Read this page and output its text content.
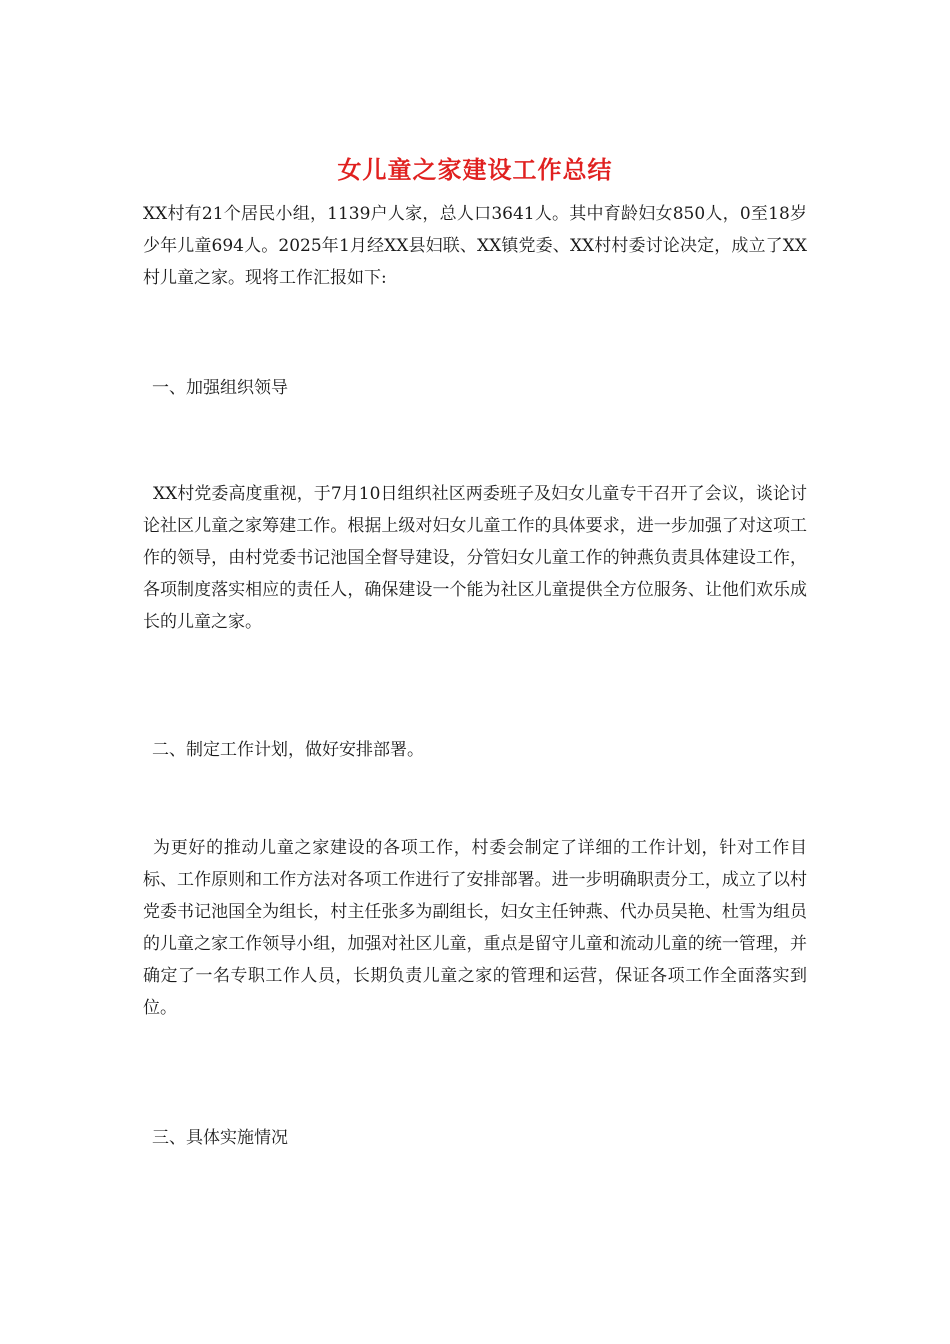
女儿童之家建设工作总结

XX村有21个居民小组，1139户人家，总人口3641人。其中育龄妇女850人，0至18岁少年儿童694人。2025年1月经XX县妇联、XX镇党委、XX村村委讨论决定，成立了XX村儿童之家。现将工作汇报如下:

一、加强组织领导

XX村党委高度重视，于7月10日组织社区两委班子及妇女儿童专干召开了会议，谈论讨论社区儿童之家筹建工作。根据上级对妇女儿童工作的具体要求，进一步加强了对这项工作的领导，由村党委书记池国全督导建设，分管妇女儿童工作的钟燕负责具体建设工作，各项制度落实相应的责任人，确保建设一个能为社区儿童提供全方位服务、让他们欢乐成长的儿童之家。

二、制定工作计划，做好安排部署。

为更好的推动儿童之家建设的各项工作，村委会制定了详细的工作计划，针对工作目标、工作原则和工作方法对各项工作进行了安排部署。进一步明确职责分工，成立了以村党委书记池国全为组长，村主任张多为副组长，妇女主任钟燕、代办员吴艳、杜雪为组员的儿童之家工作领导小组，加强对社区儿童，重点是留守儿童和流动儿童的统一管理，并确定了一名专职工作人员，长期负责儿童之家的管理和运营，保证各项工作全面落实到位。

三、具体实施情况
